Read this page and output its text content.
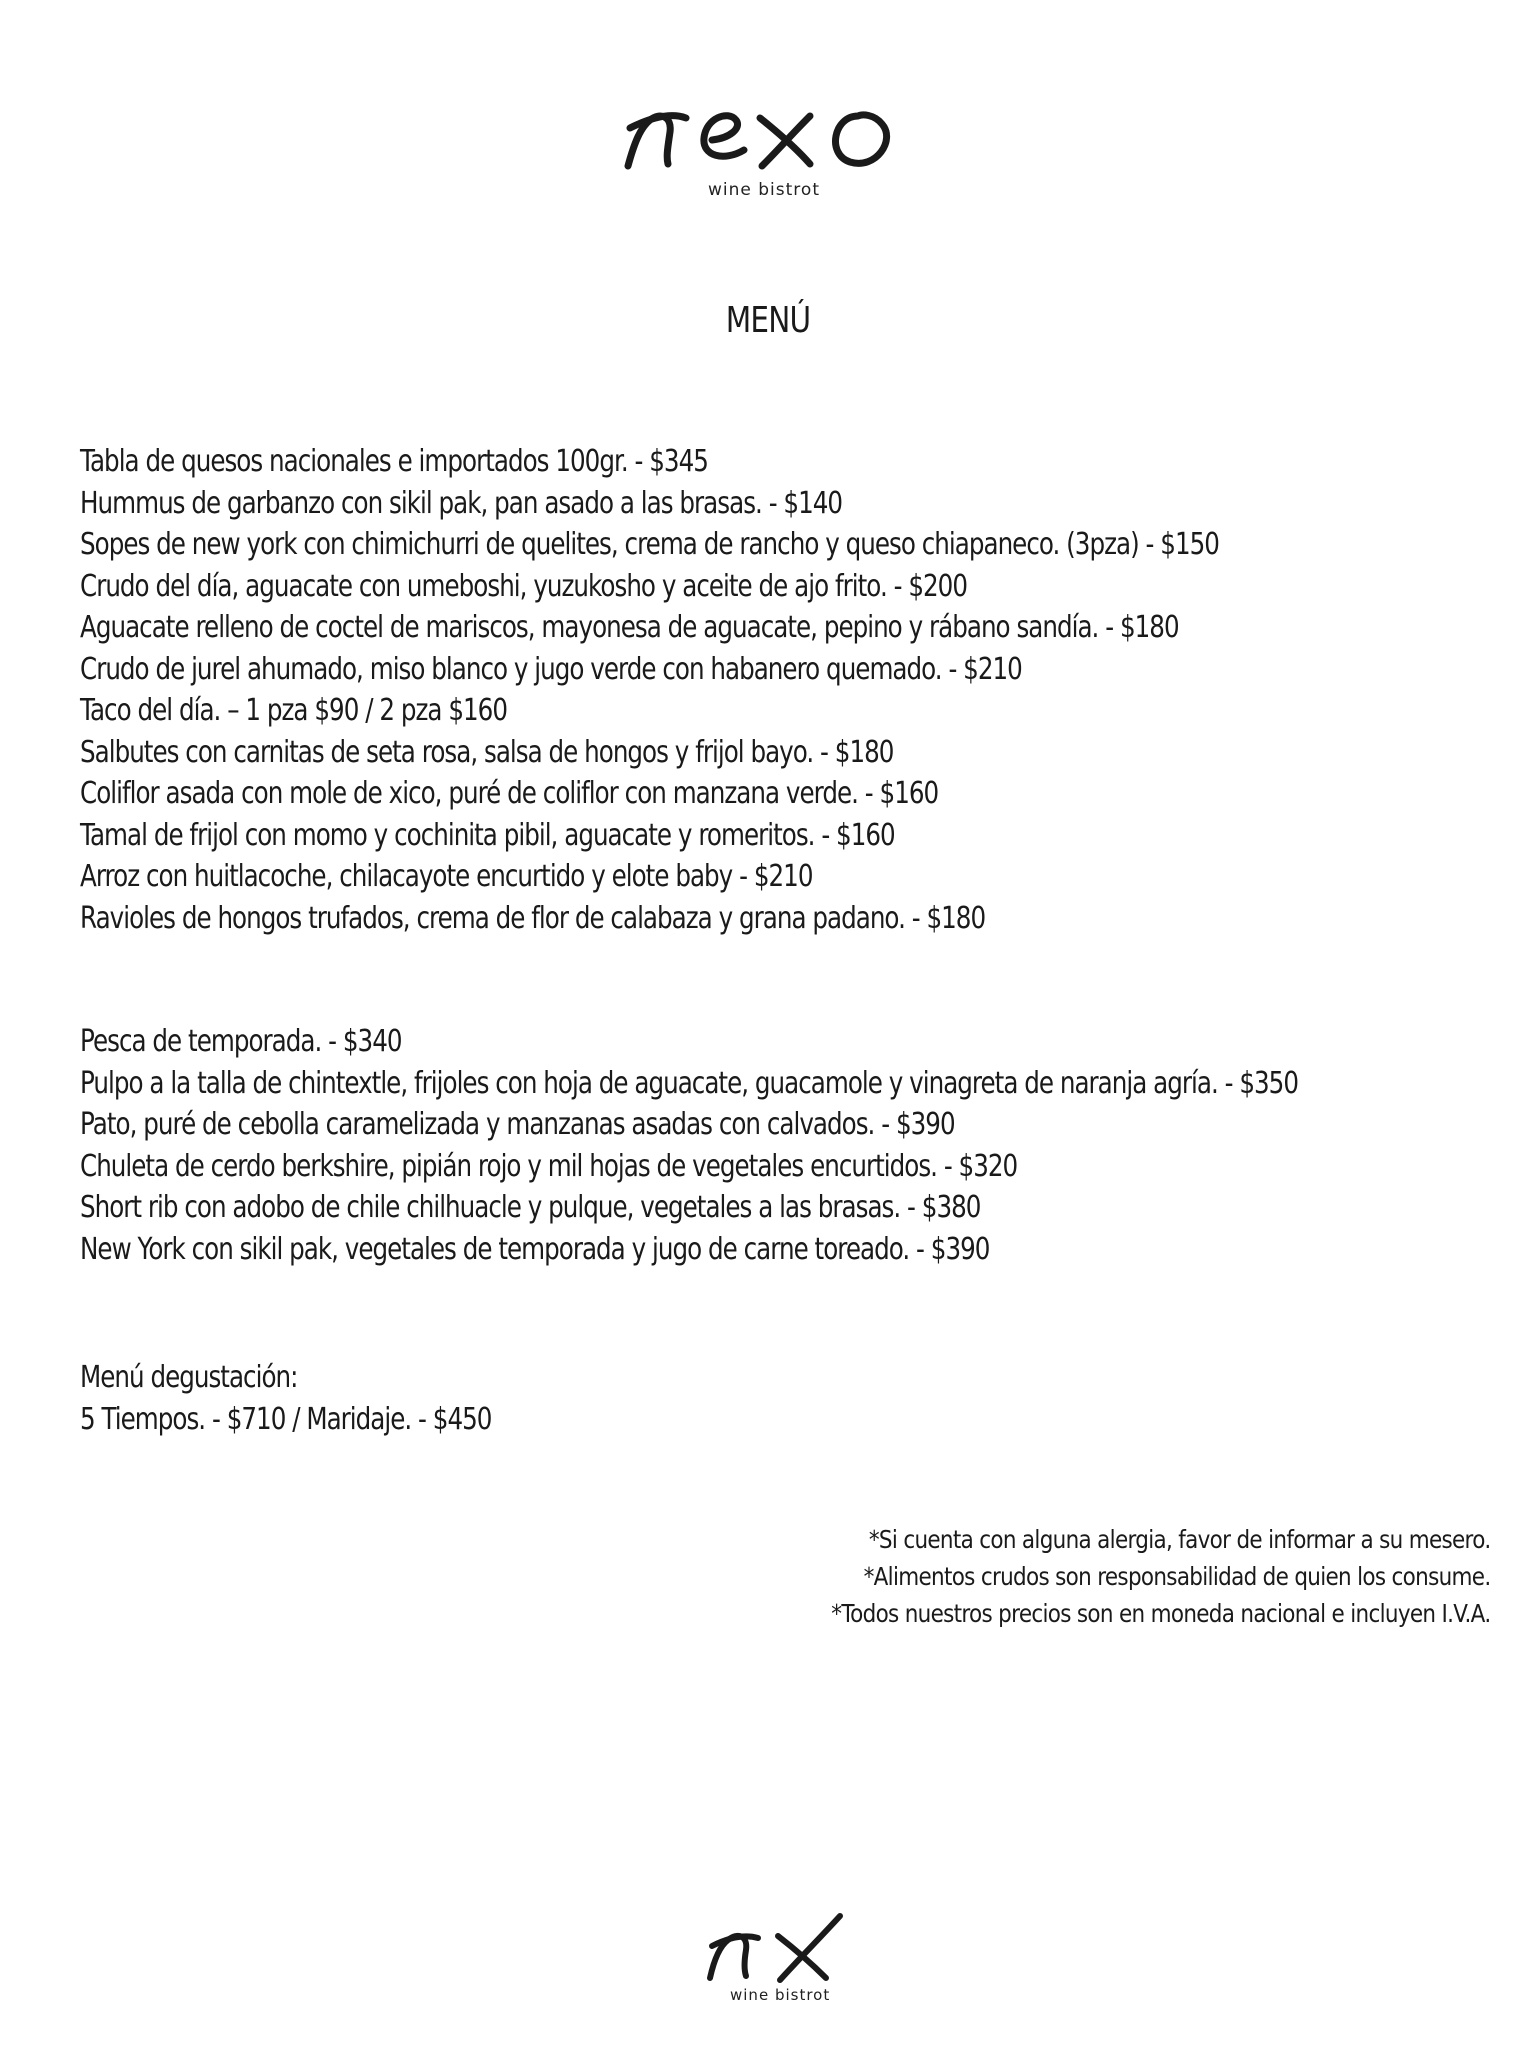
wine bistrot
MENÚ
Tabla de quesos nacionales e importados 100gr. - $345
Hummus de garbanzo con sikil pak, pan asado a las brasas. - $140
Sopes de new york con chimichurri de quelites, crema de rancho y queso chiapaneco. (3pza) - $150
Crudo del día, aguacate con umeboshi, yuzukosho y aceite de ajo frito. - $200
Aguacate relleno de coctel de mariscos, mayonesa de aguacate, pepino y rábano sandía. - $180
Crudo de jurel ahumado, miso blanco y jugo verde con habanero quemado. - $210
Taco del día. – 1 pza $90 / 2 pza $160
Salbutes con carnitas de seta rosa, salsa de hongos y frijol bayo. - $180
Coliflor asada con mole de xico, puré de coliflor con manzana verde. - $160
Tamal de frijol con momo y cochinita pibil, aguacate y romeritos. - $160
Arroz con huitlacoche, chilacayote encurtido y elote baby - $210
Ravioles de hongos trufados, crema de flor de calabaza y grana padano. - $180
Pesca de temporada. - $340
Pulpo a la talla de chintextle, frijoles con hoja de aguacate, guacamole y vinagreta de naranja agría. - $350
Pato, puré de cebolla caramelizada y manzanas asadas con calvados. - $390
Chuleta de cerdo berkshire, pipián rojo y mil hojas de vegetales encurtidos. - $320
Short rib con adobo de chile chilhuacle y pulque, vegetales a las brasas. - $380
New York con sikil pak, vegetales de temporada y jugo de carne toreado. - $390
Menú degustación:
5 Tiempos. - $710 / Maridaje. - $450
*Si cuenta con alguna alergia, favor de informar a su mesero.
*Alimentos crudos son responsabilidad de quien los consume.
*Todos nuestros precios son en moneda nacional e incluyen I.V.A.
wine bistrot
